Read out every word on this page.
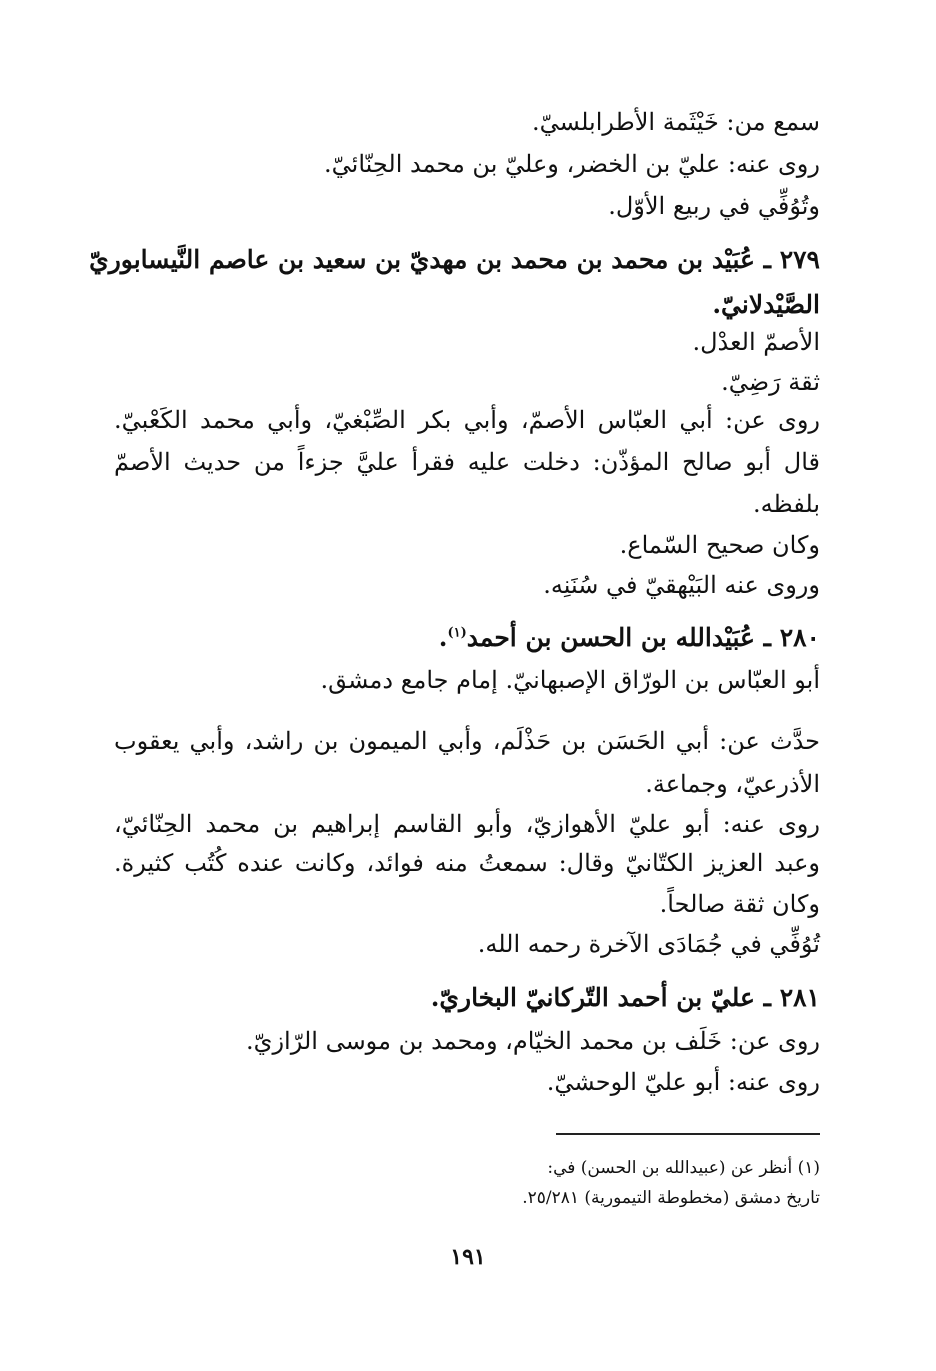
سمع من: خَيْثَمة الأطرابلسيّ.
روى عنه: عليّ بن الخضر، وعليّ بن محمد الحِنّائيّ.
وتُوُفِّي في ربيع الأوّل.
٢٧٩ ـ عُبَيْد بن محمد بن محمد بن مهديّ بن سعيد بن عاصم النَّيسابوريّ
الصَّيْدلانيّ.
الأصمّ العدْل.
ثقة رَضِيّ.
روى عن: أبي العبّاس الأصمّ، وأبي بكر الصِّبْغيّ، وأبي محمد الكَعْبيّ.
قال أبو صالح المؤذّن: دخلت عليه فقرأ عليَّ جزءاً من حديث الأصمّ
بلفظه.
وكان صحيح السّماع.
وروى عنه البَيْهقيّ في سُنَنِه.
٢٨٠ ـ عُبَيْدالله بن الحسن بن أحمد$^{(١)}$.
أبو العبّاس بن الورّاق الإصبهانيّ. إمام جامع دمشق.
حدَّث عن: أبي الحَسَن بن حَذْلَم، وأبي الميمون بن راشد، وأبي يعقوب
الأذرعيّ، وجماعة.
روى عنه: أبو عليّ الأهوازيّ، وأبو القاسم إبراهيم بن محمد الحِنّائيّ،
وعبد العزيز الكتّانيّ وقال: سمعتُ منه فوائد، وكانت عنده كُتُب كثيرة.
وكان ثقة صالحاً.
تُوُفِّي في جُمَادَى الآخرة رحمه الله.
٢٨١ ـ عليّ بن أحمد التّركانيّ البخاريّ.
روى عن: خَلَف بن محمد الخيّام، ومحمد بن موسى الرّازيّ.
روى عنه: أبو عليّ الوحشيّ.
(١) أنظر عن (عبيدالله بن الحسن) في:
تاريخ دمشق (مخطوطة التيمورية) ٢٥/٢٨١.
١٩١
